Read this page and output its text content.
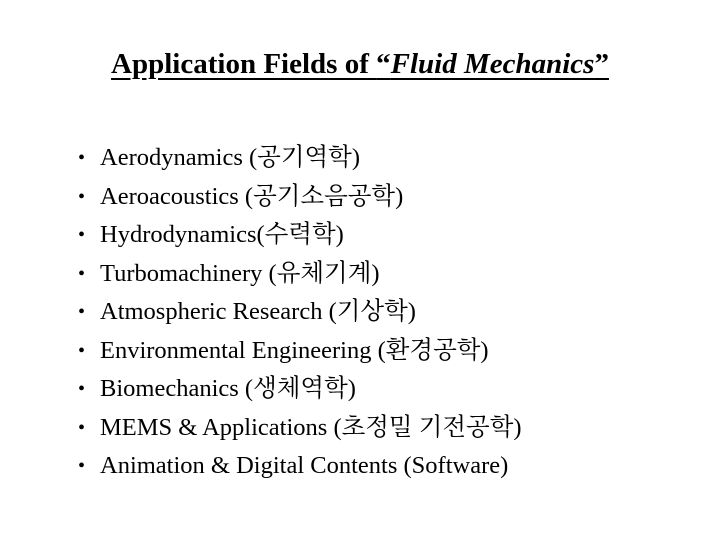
Application Fields of “Fluid Mechanics”
• Aerodynamics (공기역학)
• Aeroacoustics (공기소음공학)
• Hydrodynamics(수력학)
• Turbomachinery (유체기계)
• Atmospheric Research (기상학)
• Environmental Engineering (환경공학)
• Biomechanics (생체역학)
• MEMS & Applications (초정밀 기전공학)
• Animation & Digital Contents (Software)
